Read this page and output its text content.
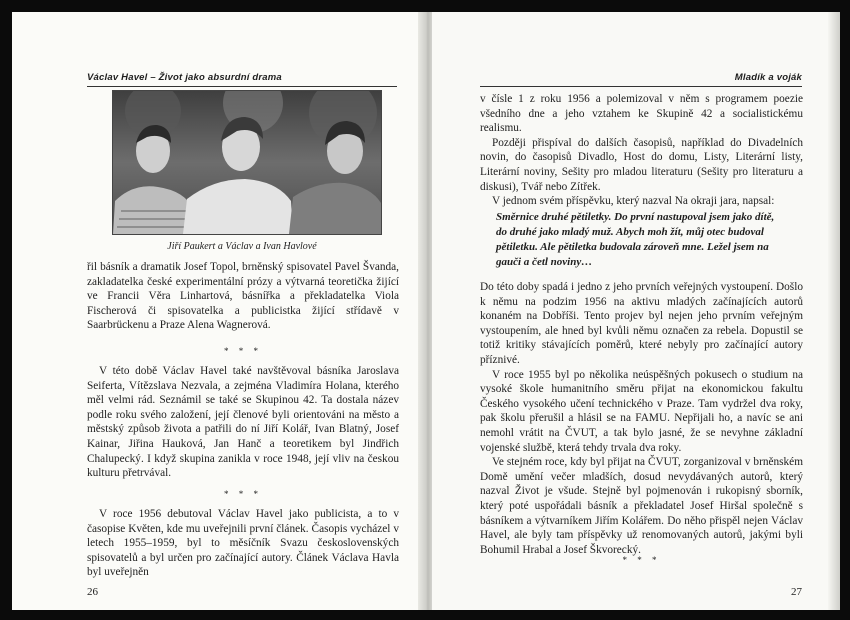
Václav Havel – Život jako absurdní drama
Jiří Paukert a Václav a Ivan Havlové

řil básník a dramatik Josef Topol, brněnský spisovatel Pavel Švanda, zakladatelka české experimentální prózy a výtvarná teoretička žijící ve Francii Věra Linhartová, básnířka a překladatelka Viola Fischerová či spisovatelka a publicistka žijící střídavě v Saarbrückenu a Praze Alena Wagnerová.

* * *

V této době Václav Havel také navštěvoval básníka Jaroslava Seiferta, Vítězslava Nezvala, a zejména Vladimíra Holana, kterého měl velmi rád. Seznámil se také se Skupinou 42. Ta dostala název podle roku svého založení, její členové byli orientováni na město a městský způsob života a patřili do ní Jiří Kolář, Ivan Blatný, Josef Kainar, Jiřina Hauková, Jan Hanč a teoretikem byl Jindřich Chalupecký. I když skupina zanikla v roce 1948, její vliv na českou kulturu přetrvával.

* * *

V roce 1956 debutoval Václav Havel jako publicista, a to v časopise Květen, kde mu uveřejnili první článek. Časopis vycházel v letech 1955–1959, byl to měsíčník Svazu československých spisovatelů a byl určen pro začínající autory. Článek Václava Havla byl uveřejněn

26
Mladík a voják

v čísle 1 z roku 1956 a polemizoval v něm s programem poezie všedního dne a jeho vztahem ke Skupině 42 a socialistickému realismu.

Později přispíval do dalších časopisů, například do Divadelních novin, do časopisů Divadlo, Host do domu, Listy, Literární listy, Literární noviny, Sešity pro mladou literaturu (Sešity pro literaturu a diskusi), Tvář nebo Zítřek.

V jednom svém příspěvku, který nazval Na okraji jara, napsal:

Směrnice druhé pětiletky. Do první nastupoval jsem jako dítě, do druhé jako mladý muž. Abych moh žít, můj otec budoval pětiletku. Ale pětiletka budovala zároveň mne. Ležel jsem na gauči a četl noviny…

Do této doby spadá i jedno z jeho prvních veřejných vystoupení. Došlo k němu na podzim 1956 na aktivu mladých začínajících autorů konaném na Dobříši. Tento projev byl nejen jeho prvním veřejným vystoupením, ale hned byl kvůli němu označen za rebela. Dopustil se totiž kritiky stávajících poměrů, které nebyly pro začínající autory příznivé.

V roce 1955 byl po několika neúspěšných pokusech o studium na vysoké škole humanitního směru přijat na ekonomickou fakultu Českého vysokého učení technického v Praze. Tam vydržel dva roky, pak školu přerušil a hlásil se na FAMU. Nepřijali ho, a navíc se ani nemohl vrátit na ČVUT, a tak bylo jasné, že se nevyhne základní vojenské službě, která tehdy trvala dva roky.

Ve stejném roce, kdy byl přijat na ČVUT, zorganizoval v brněnském Domě umění večer mladších, dosud nevydávaných autorů, který nazval Život je všude. Stejně byl pojmenován i rukopisný sborník, který poté uspořádali básník a překladatel Josef Hiršal společně s básníkem a výtvarníkem Jiřím Kolářem. Do něho přispěl nejen Václav Havel, ale byly tam příspěvky už renomovaných autorů, jakými byli Bohumil Hrabal a Josef Škvorecký.

* * *
27
